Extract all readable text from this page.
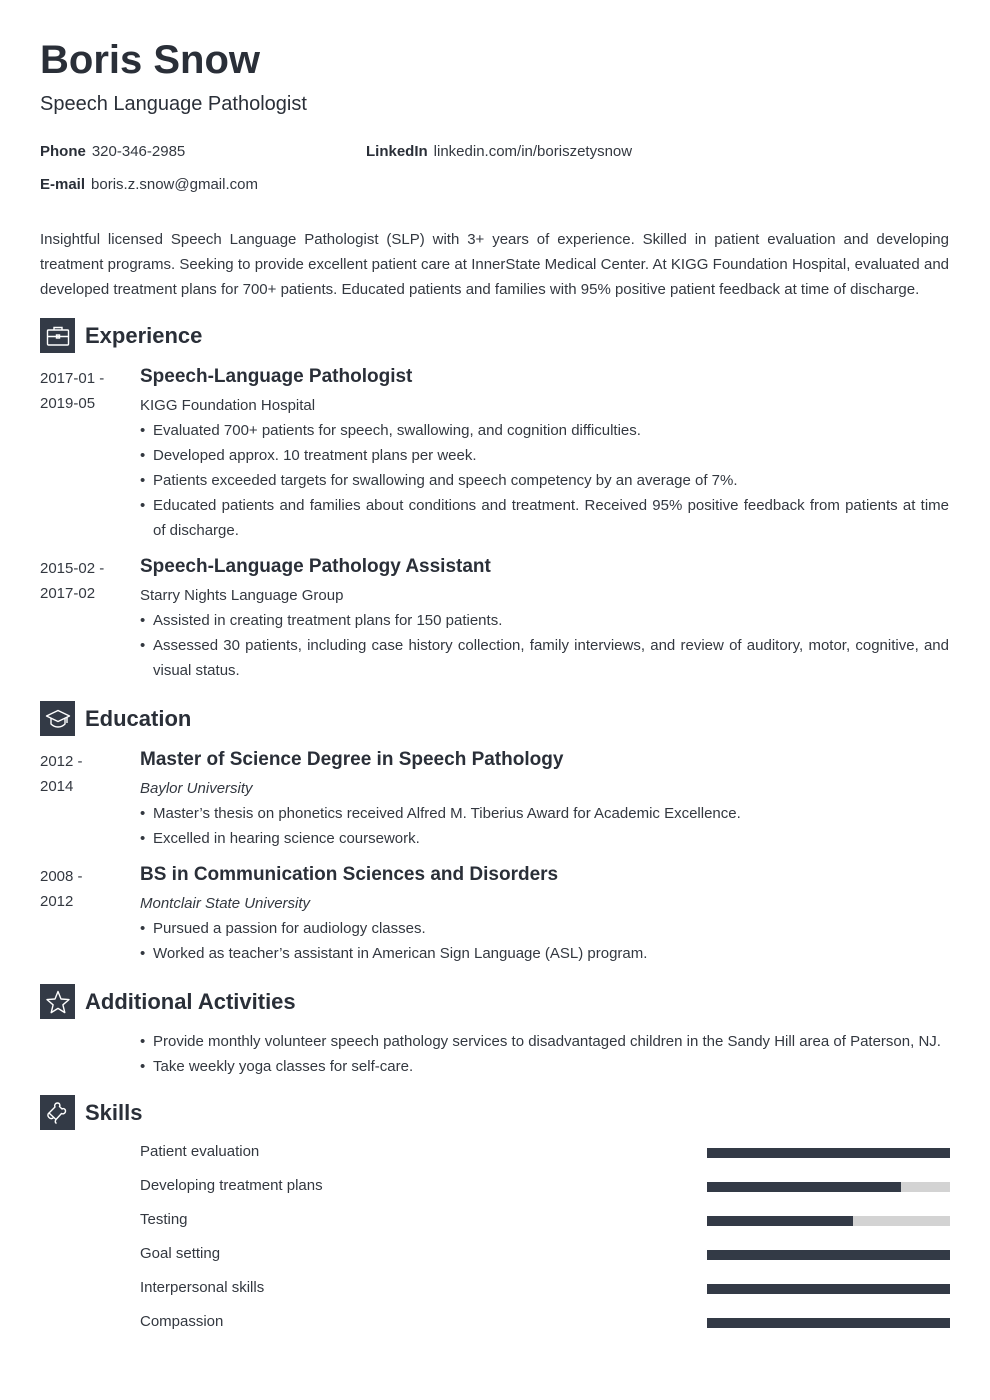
Boris Snow
Speech Language Pathologist
Phone 320-346-2985	LinkedIn linkedin.com/in/boriszetysnow
E-mail boris.z.snow@gmail.com
Insightful licensed Speech Language Pathologist (SLP) with 3+ years of experience. Skilled in patient evaluation and developing treatment programs. Seeking to provide excellent patient care at InnerState Medical Center. At KIGG Foundation Hospital, evaluated and developed treatment plans for 700+ patients. Educated patients and families with 95% positive patient feedback at time of discharge.
Experience
2017-01 -
2019-05
Speech-Language Pathologist
KIGG Foundation Hospital
• Evaluated 700+ patients for speech, swallowing, and cognition difficulties.
• Developed approx. 10 treatment plans per week.
• Patients exceeded targets for swallowing and speech competency by an average of 7%.
• Educated patients and families about conditions and treatment. Received 95% positive feedback from patients at time of discharge.
2015-02 -
2017-02
Speech-Language Pathology Assistant
Starry Nights Language Group
• Assisted in creating treatment plans for 150 patients.
• Assessed 30 patients, including case history collection, family interviews, and review of auditory, motor, cognitive, and visual status.
Education
2012 -
2014
Master of Science Degree in Speech Pathology
Baylor University
• Master’s thesis on phonetics received Alfred M. Tiberius Award for Academic Excellence.
• Excelled in hearing science coursework.
2008 -
2012
BS in Communication Sciences and Disorders
Montclair State University
• Pursued a passion for audiology classes.
• Worked as teacher’s assistant in American Sign Language (ASL) program.
Additional Activities
• Provide monthly volunteer speech pathology services to disadvantaged children in the Sandy Hill area of Paterson, NJ.
• Take weekly yoga classes for self-care.
Skills
Patient evaluation
Developing treatment plans
Testing
Goal setting
Interpersonal skills
Compassion
